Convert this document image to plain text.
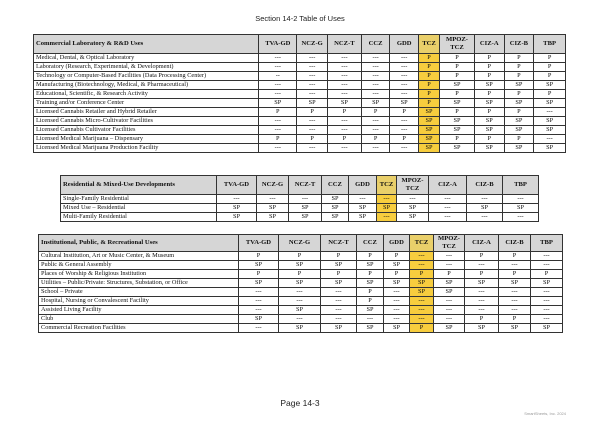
Section 14-2 Table of Uses
Commercial Laboratory & R&D Uses	TVA-GD	NCZ-G	NCZ-T	CCZ	GDD	TCZ	MPOZ-TCZ	CIZ-A	CIZ-B	TBP
Medical, Dental, & Optical Laboratory	---	---	---	---	---	P	P	P	P	P
Laboratory (Research, Experimental, & Development)	---	---	---	---	---	P	P	P	P	P
Technology or Computer-Based Facilities (Data Processing Center)	--	---	---	---	---	P	P	P	P	P
Manufacturing (Biotechnology, Medical, & Pharmaceutical)	---	---	---	---	---	P	SP	SP	SP	SP
Educational, Scientific, & Research Activity	---	---	---	---	---	P	P	P	P	P
Training and/or Conference Center	SP	SP	SP	SP	SP	P	SP	SP	SP	SP
Licensed Cannabis Retailer and Hybrid Retailer	P	P	P	P	P	SP	P	P	P	---
Licensed Cannabis Micro-Cultivator Facilities	---	---	---	---	---	SP	SP	SP	SP	SP
Licensed Cannabis Cultivator Facilities	---	---	---	---	---	SP	SP	SP	SP	SP
Licensed Medical Marijuana – Dispensary	P	P	P	P	P	SP	P	P	P	---
Licensed Medical Marijuana Production Facility	---	---	---	---	---	SP	SP	SP	SP	SP
Residential & Mixed-Use Developments	TVA-GD	NCZ-G	NCZ-T	CCZ	GDD	TCZ	MPOZ-TCZ	CIZ-A	CIZ-B	TBP
Single-Family Residential	---	---	---	SP	---	---	---	---	---	---
Mixed Use – Residential	SP	SP	SP	SP	SP	SP	SP	---	SP	SP
Multi-Family Residential	SP	SP	SP	SP	SP	---	SP	---	---	---
Institutional, Public, & Recreational Uses	TVA-GD	NCZ-G	NCZ-T	CCZ	GDD	TCZ	MPOZ-TCZ	CIZ-A	CIZ-B	TBP
Cultural Institution, Art or Music Center, & Museum	P	P	P	P	P	---	---	P	P	---
Public & General Assembly	SP	SP	SP	SP	SP	---	---	---	---	---
Places of Worship & Religious Institution	P	P	P	P	P	P	P	P	P	P
Utilities – Public/Private: Structures, Substation, or Office	SP	SP	SP	SP	SP	SP	SP	SP	SP	SP
School – Private	---	---	---	P	---	SP	SP	---	---	---
Hospital, Nursing or Convalescent Facility	---	---	---	P	---	---	---	---	---	---
Assisted Living Facility	---	SP	---	SP	---	---	---	---	---	---
Club	SP	---	---	---	---	---	---	P	P	---
Commercial Recreation Facilities	---	SP	SP	SP	SP	P	SP	SP	SP	SP
Page 14-3
SmartSheets, Inc. 2024
